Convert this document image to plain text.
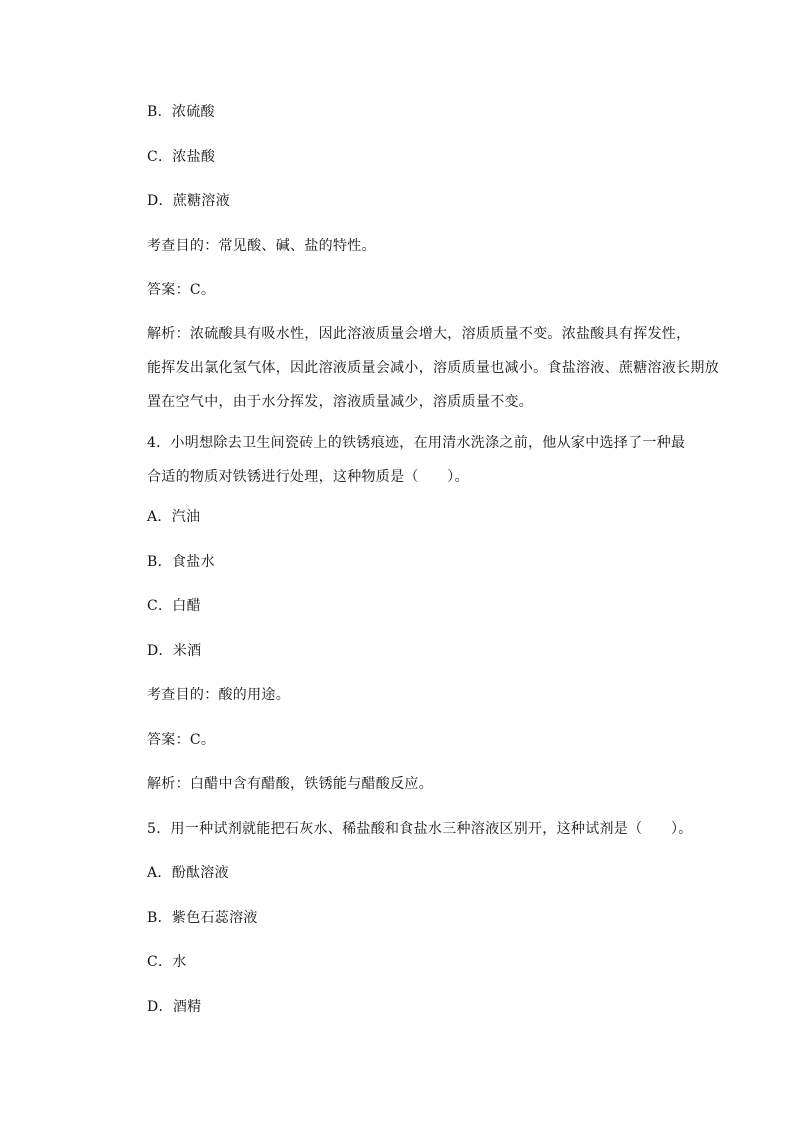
B．浓硫酸
C．浓盐酸
D．蔗糖溶液
考查目的：常见酸、碱、盐的特性。
答案：C。
解析：浓硫酸具有吸水性，因此溶液质量会增大，溶质质量不变。浓盐酸具有挥发性，
能挥发出氯化氢气体，因此溶液质量会减小，溶质质量也减小。食盐溶液、蔗糖溶液长期放
置在空气中，由于水分挥发，溶液质量减少，溶质质量不变。
4．小明想除去卫生间瓷砖上的铁锈痕迹，在用清水洗涤之前，他从家中选择了一种最
合适的物质对铁锈进行处理，这种物质是（　　）。
A．汽油
B．食盐水
C．白醋
D．米酒
考查目的：酸的用途。
答案：C。
解析：白醋中含有醋酸，铁锈能与醋酸反应。
5．用一种试剂就能把石灰水、稀盐酸和食盐水三种溶液区别开，这种试剂是（　　）。
A．酚酞溶液
B．紫色石蕊溶液
C．水
D．酒精
